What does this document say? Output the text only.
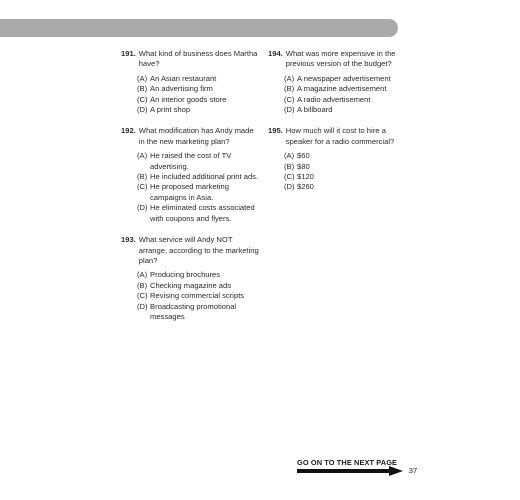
191. What kind of business does Martha have?
(A) An Asian restaurant
(B) An advertising firm
(C) An interior goods store
(D) A print shop
192. What modification has Andy made in the new marketing plan?
(A) He raised the cost of TV advertising.
(B) He included additional print ads.
(C) He proposed marketing campaigns in Asia.
(D) He eliminated costs associated with coupons and flyers.
193. What service will Andy NOT arrange, according to the marketing plan?
(A) Producing brochures
(B) Checking magazine ads
(C) Revising commercial scripts
(D) Broadcasting promotional messages
194. What was more expensive in the previous version of the budget?
(A) A newspaper advertisement
(B) A magazine advertisement
(C) A radio advertisement
(D) A billboard
195. How much will it cost to hire a speaker for a radio commercial?
(A) $60
(B) $80
(C) $120
(D) $260
GO ON TO THE NEXT PAGE
37
